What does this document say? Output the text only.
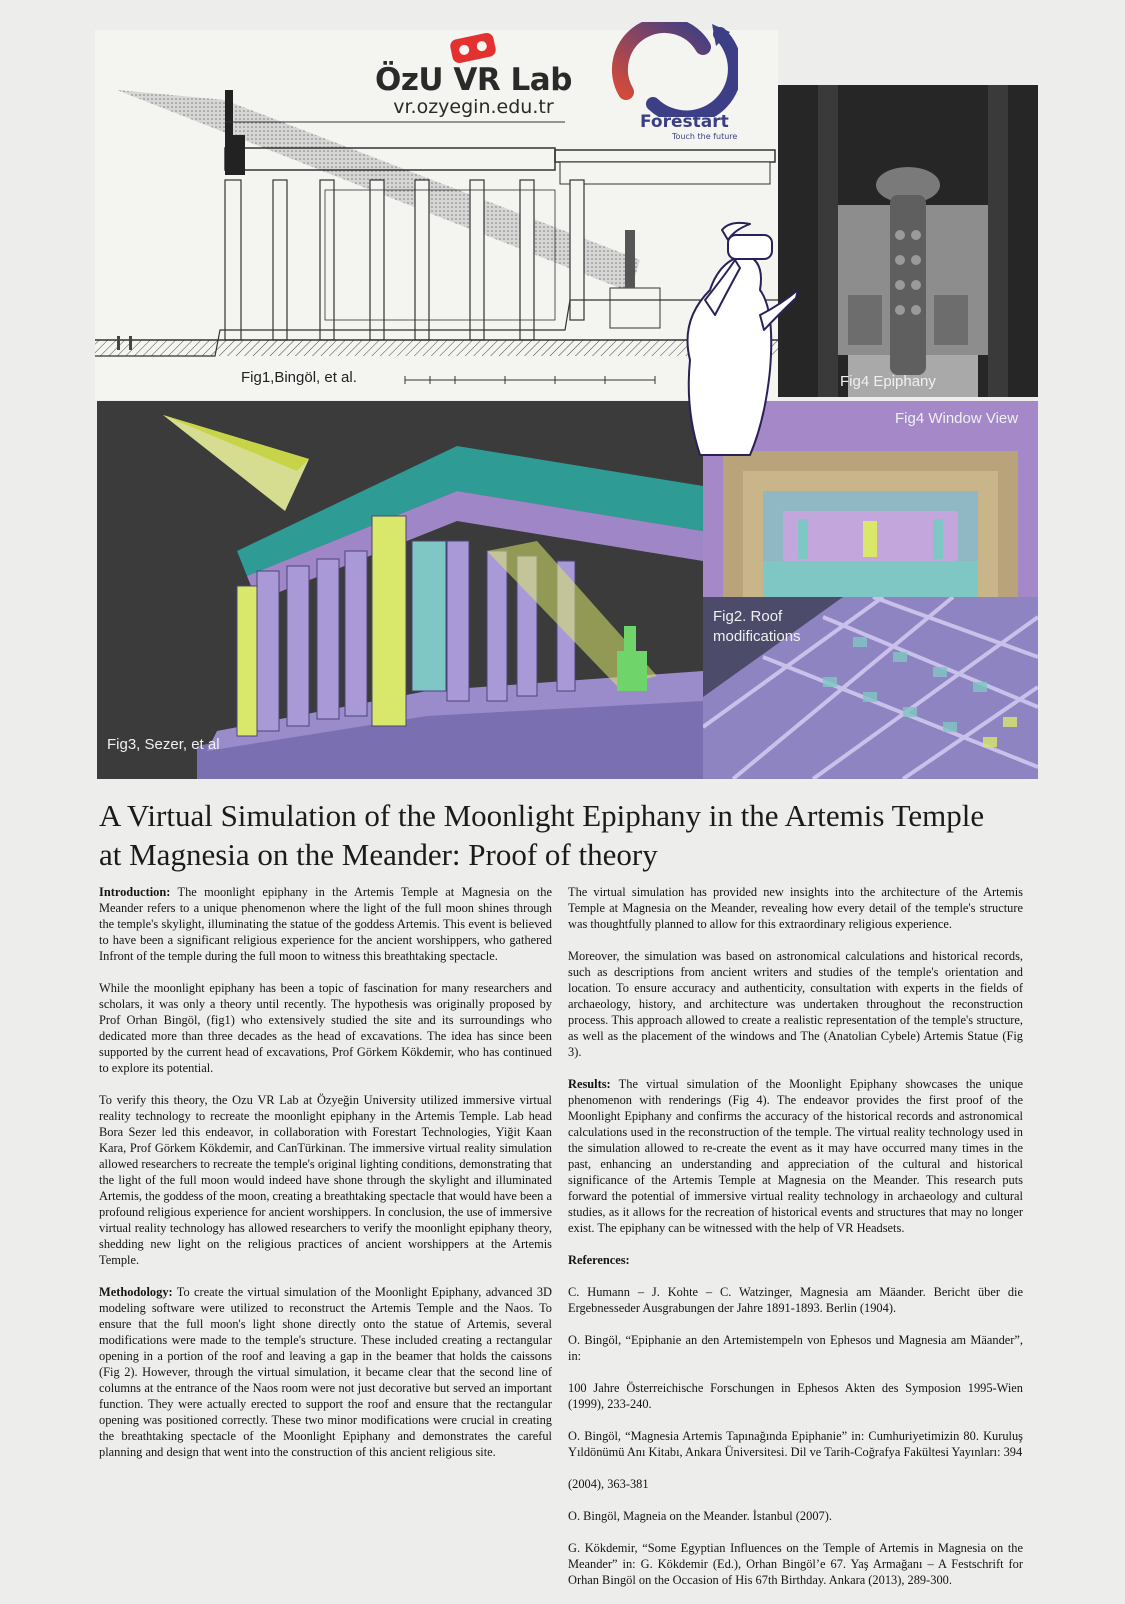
Fig1,Bingöl, et al.
ÖzU VR Lab
vr.ozyegin.edu.tr
Forestart
Touch the future
Fig4 Epiphany
Fig4 Window View
Fig3, Sezer, et al
Fig2. Roof
modifications
A Virtual Simulation of the Moonlight Epiphany in the Artemis Temple
at Magnesia on the Meander: Proof of theory

Introduction: The moonlight epiphany in the Artemis Temple at Magnesia on the Meander refers to a unique phenomenon where the light of the full moon shines through the temple's skylight, illuminating the statue of the goddess Artemis. This event is believed to have been a significant religious experience for the ancient worshippers, who gathered Infront of the temple during the full moon to witness this breathtaking spectacle.

While the moonlight epiphany has been a topic of fascination for many researchers and scholars, it was only a theory until recently. The hypothesis was originally proposed by Prof Orhan Bingöl, (fig1) who extensively studied the site and its surroundings who dedicated more than three decades as the head of excavations. The idea has since been supported by the current head of excavations, Prof Görkem Kökdemir, who has continued to explore its potential.

To verify this theory, the Ozu VR Lab at Özyeğin University utilized immersive virtual reality technology to recreate the moonlight epiphany in the Artemis Temple. Lab head Bora Sezer led this endeavor, in collaboration with Forestart Technologies, Yiğit Kaan Kara, Prof Görkem Kökdemir, and CanTürkinan. The immersive virtual reality simulation allowed researchers to recreate the temple's original lighting conditions, demonstrating that the light of the full moon would indeed have shone through the skylight and illuminated Artemis, the goddess of the moon, creating a breathtaking spectacle that would have been a profound religious experience for ancient worshippers. In conclusion, the use of immersive virtual reality technology has allowed researchers to verify the moonlight epiphany theory, shedding new light on the religious practices of ancient worshippers at the Artemis Temple.

Methodology: To create the virtual simulation of the Moonlight Epiphany, advanced 3D modeling software were utilized to reconstruct the Artemis Temple and the Naos. To ensure that the full moon's light shone directly onto the statue of Artemis, several modifications were made to the temple's structure. These included creating a rectangular opening in a portion of the roof and leaving a gap in the beamer that holds the caissons (Fig 2). However, through the virtual simulation, it became clear that the second line of columns at the entrance of the Naos room were not just decorative but served an important function. They were actually erected to support the roof and ensure that the rectangular opening was positioned correctly. These two minor modifications were crucial in creating the breathtaking spectacle of the Moonlight Epiphany and demonstrates the careful planning and design that went into the construction of this ancient religious site.

The virtual simulation has provided new insights into the architecture of the Artemis Temple at Magnesia on the Meander, revealing how every detail of the temple's structure was thoughtfully planned to allow for this extraordinary religious experience.

Moreover, the simulation was based on astronomical calculations and historical records, such as descriptions from ancient writers and studies of the temple's orientation and location. To ensure accuracy and authenticity, consultation with experts in the fields of archaeology, history, and architecture was undertaken throughout the reconstruction process. This approach allowed to create a realistic representation of the temple's structure, as well as the placement of the windows and The (Anatolian Cybele) Artemis Statue (Fig 3).

Results: The virtual simulation of the Moonlight Epiphany showcases the unique phenomenon with renderings (Fig 4). The endeavor provides the first proof of the Moonlight Epiphany and confirms the accuracy of the historical records and astronomical calculations used in the reconstruction of the temple. The virtual reality technology used in the simulation allowed to re-create the event as it may have occurred many times in the past, enhancing an understanding and appreciation of the cultural and historical significance of the Artemis Temple at Magnesia on the Meander. This research puts forward the potential of immersive virtual reality technology in archaeology and cultural studies, as it allows for the recreation of historical events and structures that may no longer exist. The epiphany can be witnessed with the help of VR Headsets.

References:

C. Humann – J. Kohte – C. Watzinger, Magnesia am Mäander. Bericht über die Ergebnesseder Ausgrabungen der Jahre 1891-1893. Berlin (1904).

O. Bingöl, “Epiphanie an den Artemistempeln von Ephesos und Magnesia am Mäander”, in:

100 Jahre Österreichische Forschungen in Ephesos Akten des Symposion 1995-Wien (1999), 233-240.

O. Bingöl, “Magnesia Artemis Tapınağında Epiphanie” in: Cumhuriyetimizin 80. Kuruluş Yıldönümü Anı Kitabı, Ankara Üniversitesi. Dil ve Tarih-Coğrafya Fakültesi Yayınları: 394

(2004), 363-381

O. Bingöl, Magneia on the Meander. İstanbul (2007).

G. Kökdemir, “Some Egyptian Influences on the Temple of Artemis in Magnesia on the Meander” in: G. Kökdemir (Ed.), Orhan Bingöl’e 67. Yaş Armağanı – A Festschrift for Orhan Bingöl on the Occasion of His 67th Birthday. Ankara (2013), 289-300.
